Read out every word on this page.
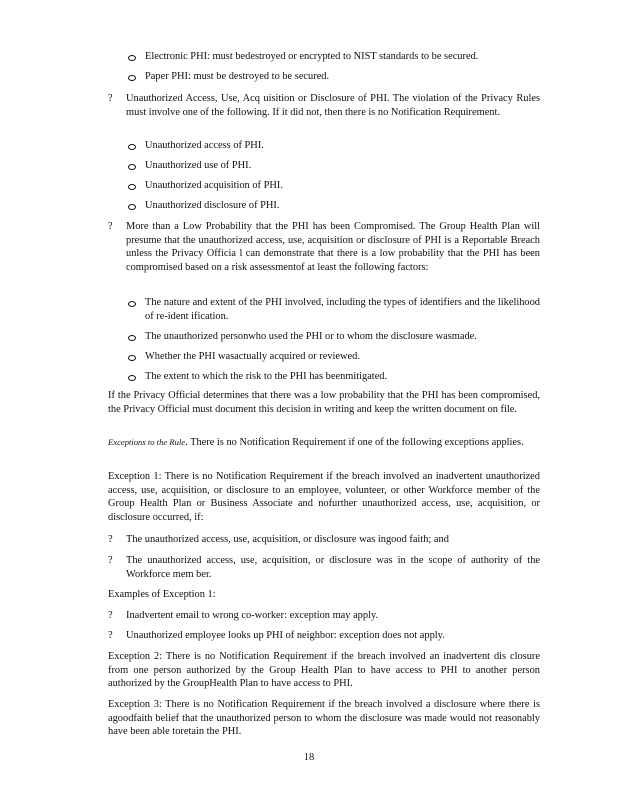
Electronic PHI: must bedestroyed or encrypted to NIST standards to be secured.
Paper PHI: must be destroyed to be secured.
? Unauthorized Access, Use, Acq uisition or Disclosure of PHI. The violation of the Privacy Rules must involve one of the following. If it did not, then there is no Notification Requirement.
Unauthorized access of PHI.
Unauthorized use of PHI.
Unauthorized acquisition of PHI.
Unauthorized disclosure of PHI.
? More than a Low Probability that the PHI has been Compromised. The Group Health Plan will presume that the unauthorized access, use, acquisition or disclosure of PHI is a Reportable Breach unless the Privacy Officia l can demonstrate that there is a low probability that the PHI has been compromised based on a risk assessmentof at least the following factors:
The nature and extent of the PHI involved, including the types of identifiers and the likelihood of re-ident ification.
The unauthorized personwho used the PHI or to whom the disclosure wasmade.
Whether the PHI wasactually acquired or reviewed.
The extent to which the risk to the PHI has beenmitigated.
If the Privacy Official determines that there was a low probability that the PHI has been compromised, the Privacy Official must document this decision in writing and keep the written document on file.
Exceptions to the Rule. There is no Notification Requirement if one of the following exceptions applies.
Exception 1: There is no Notification Requirement if the breach involved an inadvertent unauthorized access, use, acquisition, or disclosure to an employee, volunteer, or other Workforce member of the Group Health Plan or Business Associate and nofurther unauthorized access, use, acquisition, or disclosure occurred, if:
? The unauthorized access, use, acquisition, or disclosure was ingood faith; and
? The unauthorized access, use, acquisition, or disclosure was in the scope of authority of the Workforce mem ber.
Examples of Exception 1:
? Inadvertent email to wrong co-worker: exception may apply.
? Unauthorized employee looks up PHI of neighbor: exception does not apply.
Exception 2: There is no Notification Requirement if the breach involved an inadvertent dis closure from one person authorized by the Group Health Plan to have access to PHI to another person authorized by the GroupHealth Plan to have access to PHI.
Exception 3: There is no Notification Requirement if the breach involved a disclosure where there is agoodfaith belief that the unauthorized person to whom the disclosure was made would not reasonably have been able toretain the PHI.
18
